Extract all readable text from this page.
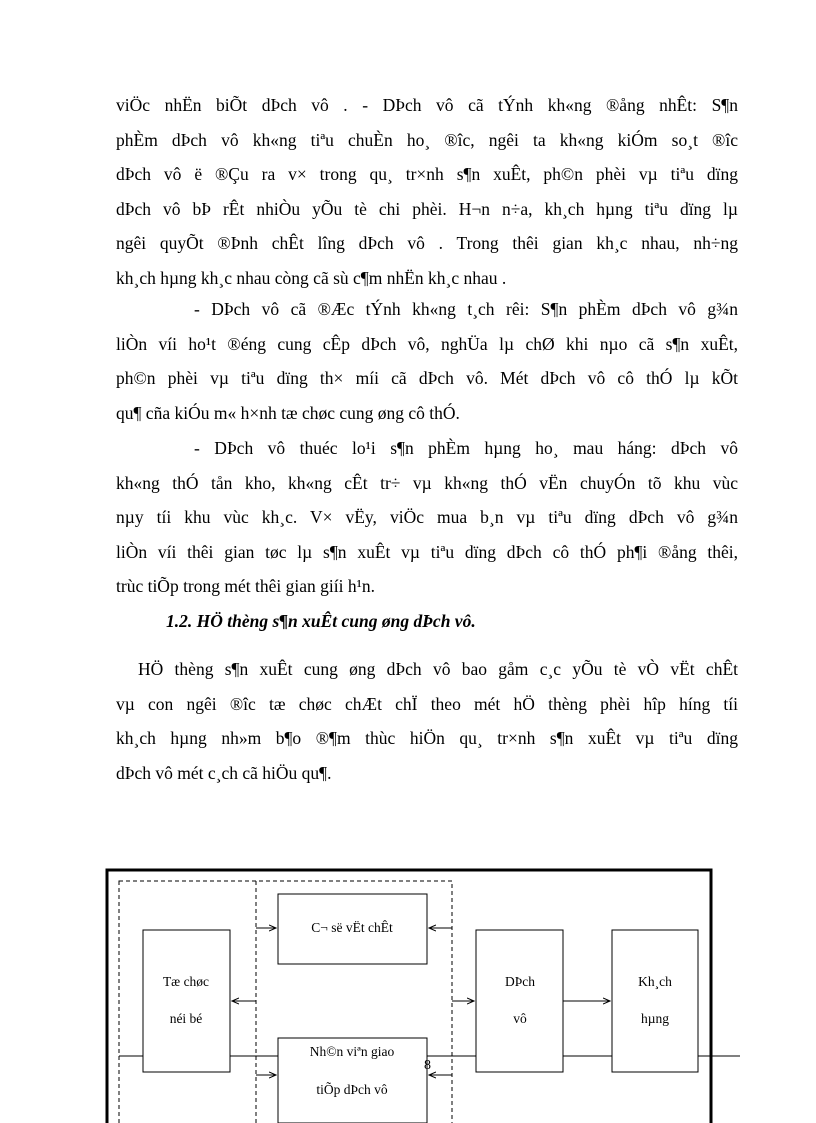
viÖc nhËn biÕt dÞch vô . - DÞch vô cã tÝnh kh«ng ®ång nhÊt: S¶n
phÈm dÞch vô kh«ng tiªu chuÈn ho¸ ®îc, ngêi ta kh«ng kiÓm so¸t ®îc
dÞch vô ë ®Çu ra v× trong qu¸ tr×nh s¶n xuÊt, ph©n phèi vµ tiªu dïng
dÞch vô bÞ rÊt nhiÒu yÕu tè chi phèi. H¬n n÷a, kh¸ch hµng tiªu dïng lµ
ngêi quyÕt ®Þnh chÊt lîng dÞch vô . Trong thêi gian kh¸c nhau, nh÷ng
kh¸ch hµng kh¸c nhau còng cã sù c¶m nhËn kh¸c nhau .
- DÞch vô cã ®Æc tÝnh kh«ng t¸ch rêi: S¶n phÈm dÞch vô g¾n
liÒn víi ho¹t ®éng cung cÊp dÞch vô, nghÜa lµ chØ khi nµo cã s¶n xuÊt,
ph©n phèi vµ tiªu dïng th× míi cã dÞch vô. Mét dÞch vô cô thÓ lµ kÕt
qu¶ cña kiÓu m« h×nh tæ chøc cung øng cô thÓ.
- DÞch vô thuéc lo¹i s¶n phÈm hµng ho¸ mau háng: dÞch vô
kh«ng thÓ tån kho, kh«ng cÊt tr÷ vµ kh«ng thÓ vËn chuyÓn tõ khu vùc
nµy tíi khu vùc kh¸c. V× vËy, viÖc mua b¸n vµ tiªu dïng dÞch vô g¾n
liÒn víi thêi gian tøc lµ s¶n xuÊt vµ tiªu dïng dÞch cô thÓ ph¶i ®ång thêi,
trùc tiÕp trong mét thêi gian giíi h¹n.

1.2. HÖ thèng s¶n xuÊt cung øng dÞch vô.

HÖ thèng s¶n xuÊt cung øng dÞch vô bao gåm c¸c yÕu tè vÒ vËt chÊt
vµ con ngêi ®îc tæ chøc chÆt chÏ theo mét hÖ thèng phèi hîp híng tíi
kh¸ch hµng nh»m b¶o ®¶m thùc hiÖn qu¸ tr×nh s¶n xuÊt vµ tiªu dïng
dÞch vô mét c¸ch cã hiÖu qu¶.
Tæ chøc
néi bé
C¬ së vËt chÊt
Nh©n viªn giao
tiÕp dÞch vô
DÞch
vô
Kh¸ch
hµng
8
